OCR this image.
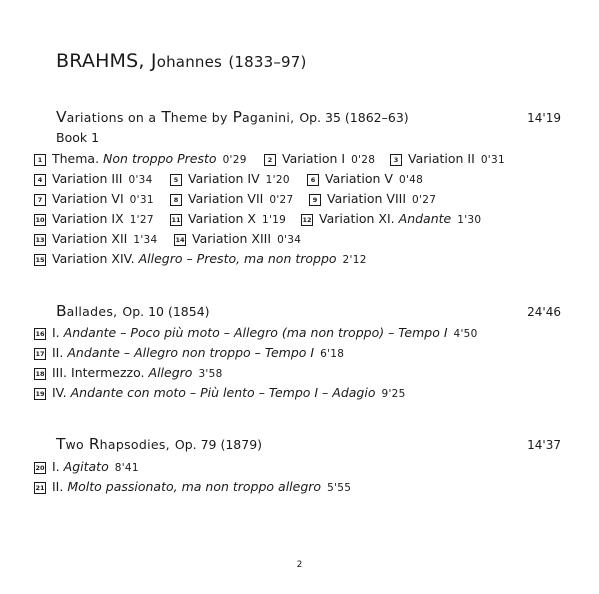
BRAHMS, Johannes (1833–97)
Variations on a Theme by Paganini, Op. 35 (1862–63)	14'19
Book 1
Ballades, Op. 10 (1854)	24'46
Two Rhapsodies, Op. 79 (1879)	14'37
1 Thema. Non troppo Presto 0'29	2 Variation I 0'28	3 Variation II 0'31
4 Variation III 0'34	5 Variation IV 1'20	6 Variation V 0'48
7 Variation VI 0'31	8 Variation VII 0'27	9 Variation VIII 0'27
10 Variation IX 1'27	11 Variation X 1'19	12 Variation XI. Andante 1'30
13 Variation XII 1'34	14 Variation XIII 0'34
15 Variation XIV. Allegro – Presto, ma non troppo 2'12
16 I. Andante – Poco più moto – Allegro (ma non troppo) – Tempo I 4'50
17 II. Andante – Allegro non troppo – Tempo I 6'18
18 III. Intermezzo. Allegro 3'58
19 IV. Andante con moto – Più lento – Tempo I – Adagio 9'25
20 I. Agitato 8'41
21 II. Molto passionato, ma non troppo allegro 5'55
2
